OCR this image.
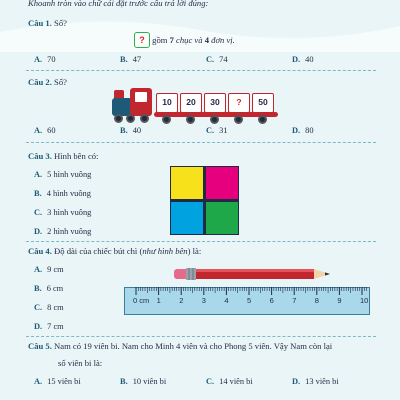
Khoanh tròn vào chữ cái đặt trước câu trả lời đúng:
Câu 1. Số?
? gồm 7 chục và 4 đơn vị.
A. 70	B. 47	C. 74	D. 40
Câu 2. Số?
10	20	30	?	50
A. 60	B. 40	C. 31	D. 80
Câu 3. Hình bên có:
A. 5 hình vuông
B. 4 hình vuông
C. 3 hình vuông
D. 2 hình vuông
Câu 4. Độ dài của chiếc bút chì (như hình bên) là:
A. 9 cm
B. 6 cm
C. 8 cm
D. 7 cm
0 cm 1 2 3 4 5 6 7 8 9 10
Câu 5. Nam có 19 viên bi. Nam cho Minh 4 viên và cho Phong 5 viên. Vậy Nam còn lại
số viên bi là:
A. 15 viên bi	B. 10 viên bi	C. 14 viên bi	D. 13 viên bi
